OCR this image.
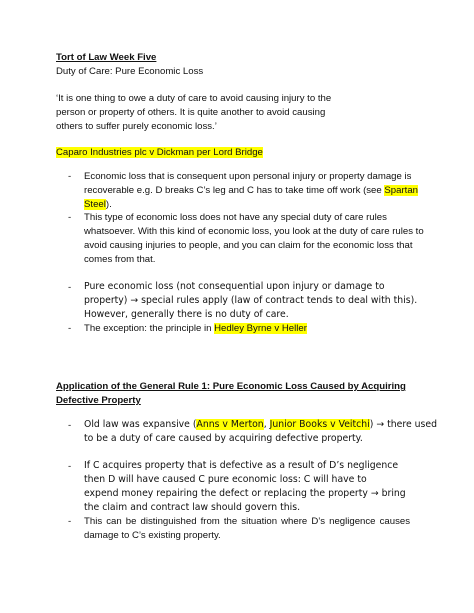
Tort of Law Week Five
Duty of Care: Pure Economic Loss
‘It is one thing to owe a duty of care to avoid causing injury to the
person or property of others. It is quite another to avoid causing
others to suffer purely economic loss.’
Caparo Industries plc v Dickman per Lord Bridge
- Economic loss that is consequent upon personal injury or property damage is
recoverable e.g. D breaks C’s leg and C has to take time off work (see Spartan
Steel).
- This type of economic loss does not have any special duty of care rules
whatsoever. With this kind of economic loss, you look at the duty of care rules to
avoid causing injuries to people, and you can claim for the economic loss that
comes from that.
- Pure economic loss (not consequential upon injury or damage to
property) → special rules apply (law of contract tends to deal with this).
However, generally there is no duty of care.
- The exception: the principle in Hedley Byrne v Heller
Application of the General Rule 1: Pure Economic Loss Caused by Acquiring
Defective Property
- Old law was expansive (Anns v Merton, Junior Books v Veitchi) → there used
to be a duty of care caused by acquiring defective property.
- If C acquires property that is defective as a result of D’s negligence
then D will have caused C pure economic loss: C will have to
expend money repairing the defect or replacing the property → bring
the claim and contract law should govern this.
- This can be distinguished from the situation where D’s negligence causes
damage to C’s existing property.
